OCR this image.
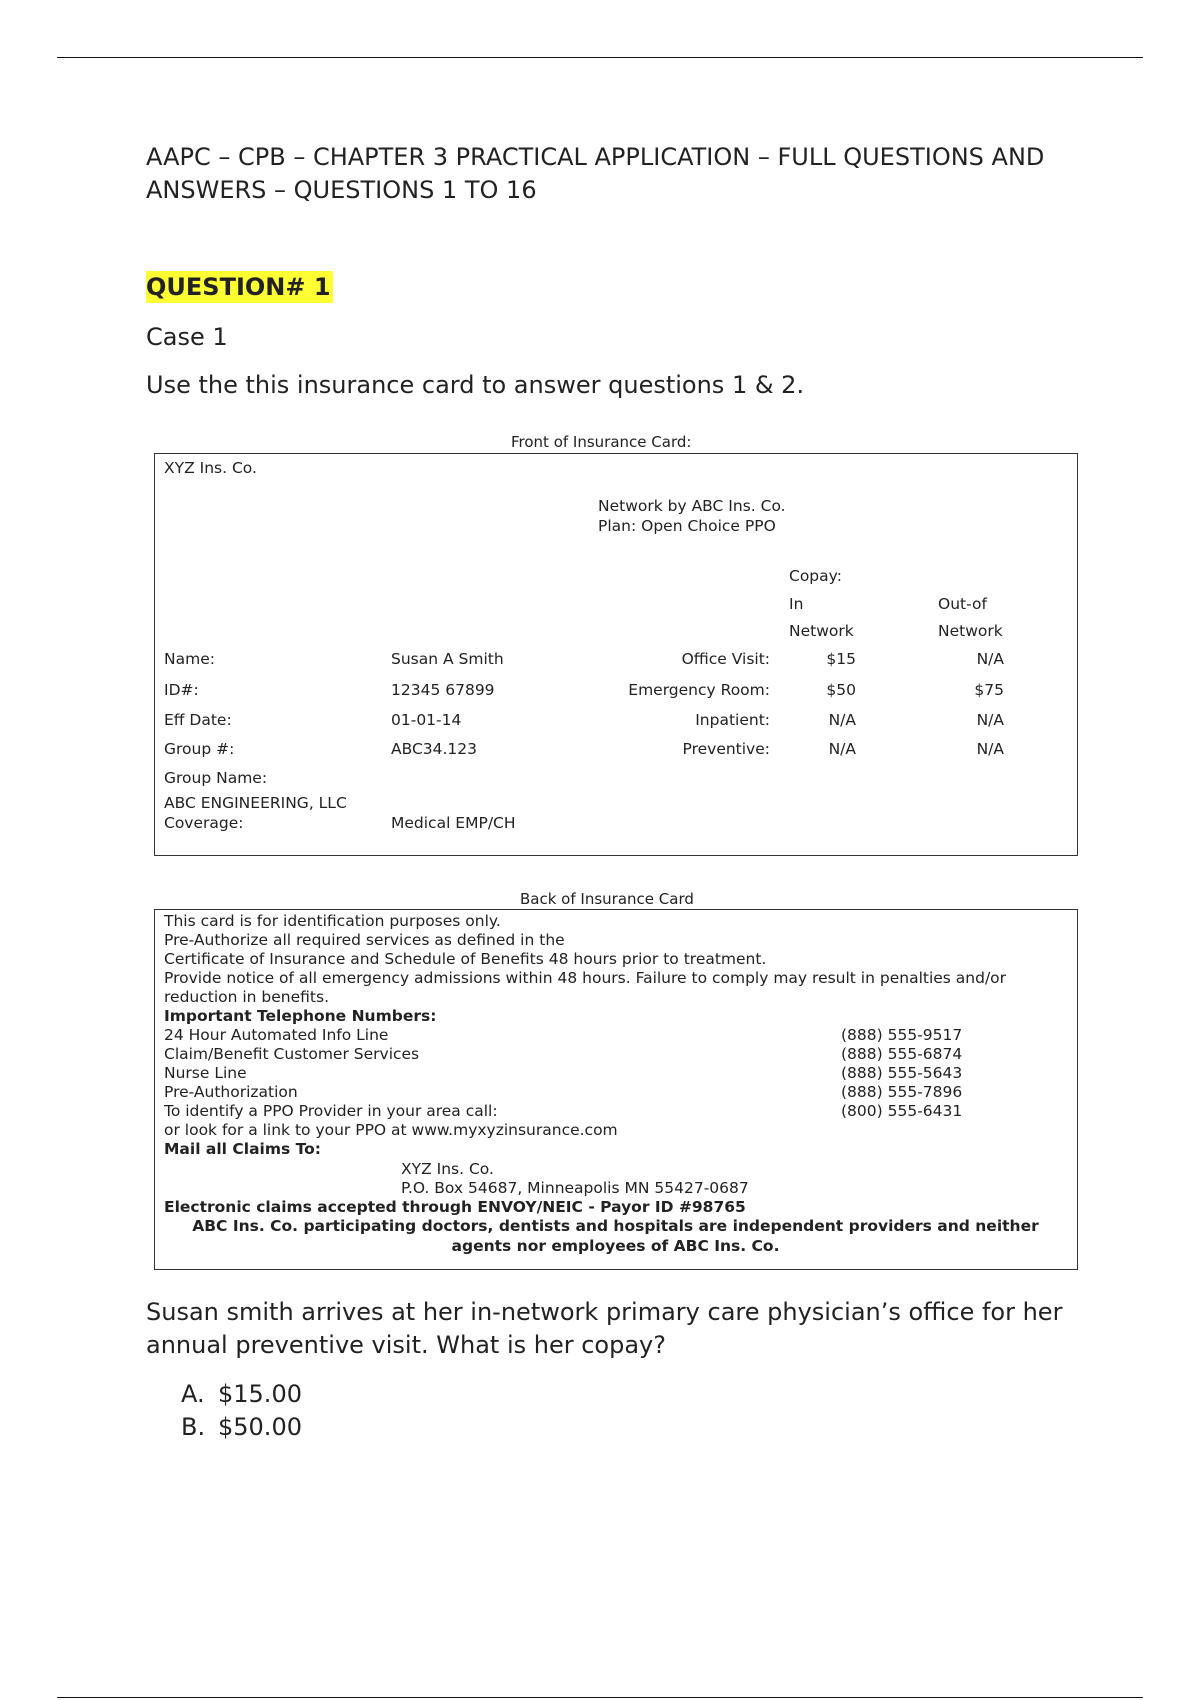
AAPC – CPB – CHAPTER 3 PRACTICAL APPLICATION – FULL QUESTIONS AND ANSWERS – QUESTIONS 1 TO 16
QUESTION# 1
Case 1
Use the this insurance card to answer questions 1 & 2.
Front of Insurance Card:
XYZ Ins. Co.
Network by ABC Ins. Co.
Plan: Open Choice PPO
Copay:
In
Network
Out-of
Network
Name:	Susan A Smith
ID#:	12345 67899
Eff Date:	01-01-14
Group #:	ABC34.123
Group Name:
ABC ENGINEERING, LLC
Coverage:	Medical EMP/CH
Office Visit:	$15	N/A
Emergency Room:	$50	$75
Inpatient:	N/A	N/A
Preventive:	N/A	N/A
Back of Insurance Card
This card is for identification purposes only.
Pre-Authorize all required services as defined in the
Certificate of Insurance and Schedule of Benefits 48 hours prior to treatment.
Provide notice of all emergency admissions within 48 hours. Failure to comply may result in penalties and/or
reduction in benefits.
Important Telephone Numbers:
24 Hour Automated Info Line	(888) 555-9517
Claim/Benefit Customer Services	(888) 555-6874
Nurse Line	(888) 555-5643
Pre-Authorization	(888) 555-7896
To identify a PPO Provider in your area call:	(800) 555-6431
or look for a link to your PPO at www.myxyzinsurance.com
Mail all Claims To:
XYZ Ins. Co.
P.O. Box 54687, Minneapolis MN 55427-0687
Electronic claims accepted through ENVOY/NEIC - Payor ID #98765
ABC Ins. Co. participating doctors, dentists and hospitals are independent providers and neither
agents nor employees of ABC Ins. Co.
Susan smith arrives at her in-network primary care physician’s office for her annual preventive visit. What is her copay?
A. $15.00
B. $50.00
